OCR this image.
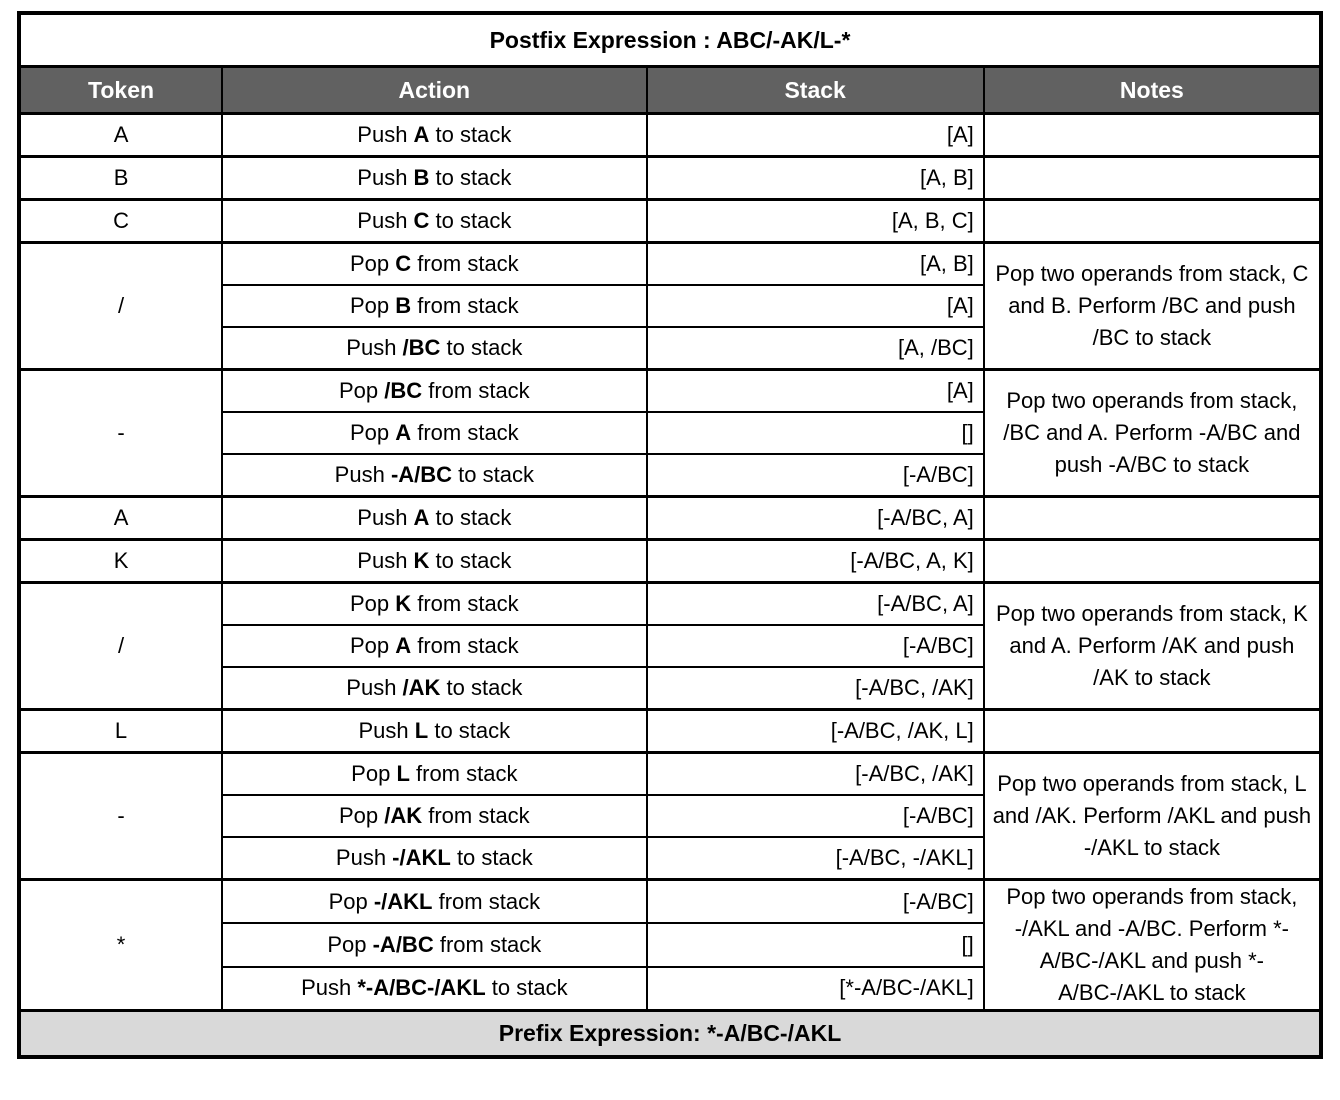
Postfix Expression : ABC/-AK/L-*			
Token	Action	Stack	Notes
A	Push A to stack	[A]	
B	Push B to stack	[A, B]	
C	Push C to stack	[A, B, C]	
/	Pop C from stack	[A, B]	Pop two operands from stack, C and B. Perform /BC and push /BC to stack
	Pop B from stack	[A]	
	Push /BC to stack	[A, /BC]	
-	Pop /BC from stack	[A]	Pop two operands from stack, /BC and A. Perform -A/BC and push -A/BC to stack
	Pop A from stack	[]	
	Push -A/BC to stack	[-A/BC]	
A	Push A to stack	[-A/BC, A]	
K	Push K to stack	[-A/BC, A, K]	
/	Pop K from stack	[-A/BC, A]	Pop two operands from stack, K and A. Perform /AK and push /AK to stack
	Pop A from stack	[-A/BC]	
	Push /AK to stack	[-A/BC, /AK]	
L	Push L to stack	[-A/BC, /AK, L]	
-	Pop L from stack	[-A/BC, /AK]	Pop two operands from stack, L and /AK. Perform /AKL and push -/AKL to stack
	Pop /AK from stack	[-A/BC]	
	Push -/AKL to stack	[-A/BC, -/AKL]	
*	Pop -/AKL from stack	[-A/BC]	Pop two operands from stack, -/AKL and -A/BC. Perform *-A/BC-/AKL and push *-A/BC-/AKL to stack
	Pop -A/BC from stack	[]	
	Push *-A/BC-/AKL to stack	[*-A/BC-/AKL]	
Prefix Expression: *-A/BC-/AKL			
